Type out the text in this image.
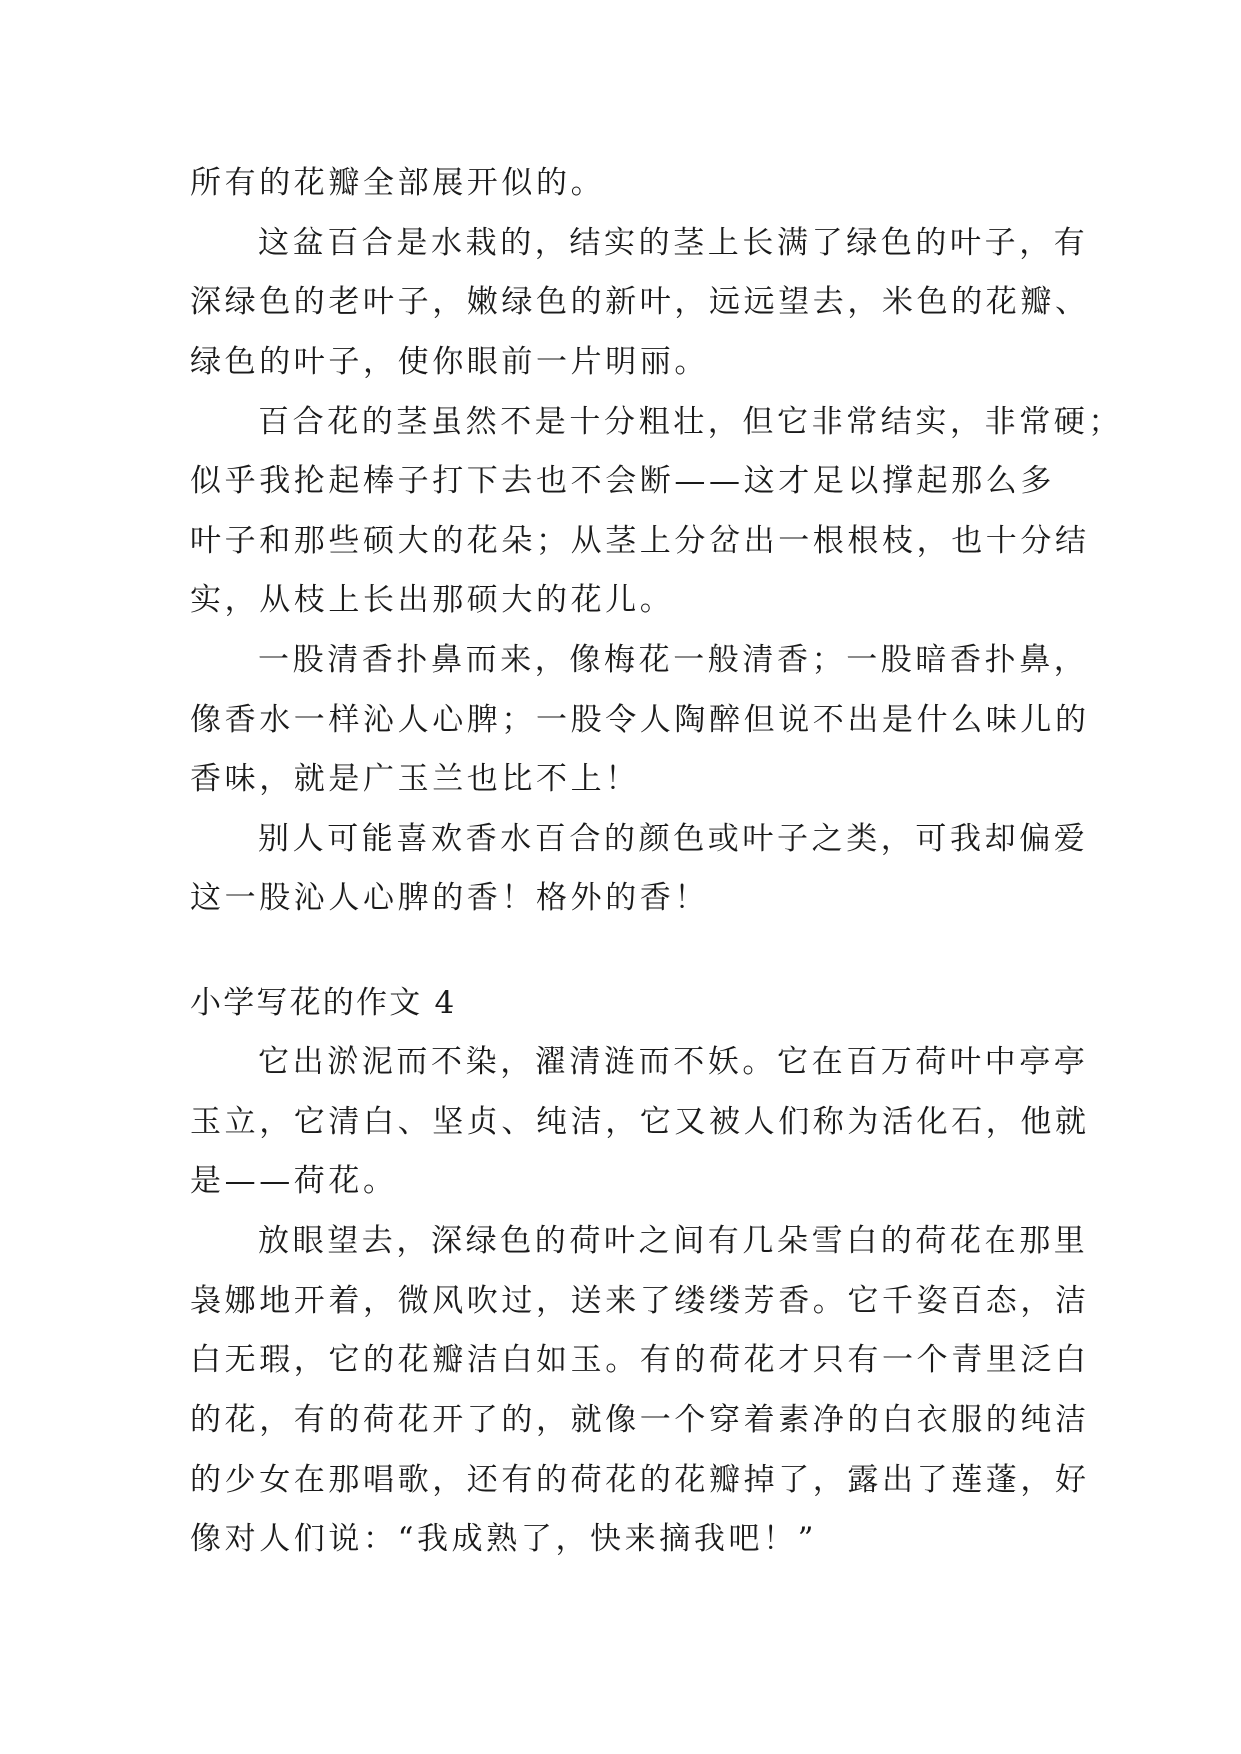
所有的花瓣全部展开似的。

这盆百合是水栽的，结实的茎上长满了绿色的叶子，有

深绿色的老叶子，嫩绿色的新叶，远远望去，米色的花瓣、

绿色的叶子，使你眼前一片明丽。

百合花的茎虽然不是十分粗壮，但它非常结实，非常硬；

似乎我抡起棒子打下去也不会断——这才足以撑起那么多

叶子和那些硕大的花朵；从茎上分岔出一根根枝，也十分结

实，从枝上长出那硕大的花儿。

一股清香扑鼻而来，像梅花一般清香；一股暗香扑鼻，

像香水一样沁人心脾；一股令人陶醉但说不出是什么味儿的

香味，就是广玉兰也比不上！

别人可能喜欢香水百合的颜色或叶子之类，可我却偏爱

这一股沁人心脾的香！格外的香！

小学写花的作文 4

它出淤泥而不染，濯清涟而不妖。它在百万荷叶中亭亭

玉立，它清白、坚贞、纯洁，它又被人们称为活化石，他就

是——荷花。

放眼望去，深绿色的荷叶之间有几朵雪白的荷花在那里

袅娜地开着，微风吹过，送来了缕缕芳香。它千姿百态，洁

白无瑕，它的花瓣洁白如玉。有的荷花才只有一个青里泛白

的花，有的荷花开了的，就像一个穿着素净的白衣服的纯洁

的少女在那唱歌，还有的荷花的花瓣掉了，露出了莲蓬，好

像对人们说：“我成熟了，快来摘我吧！”
